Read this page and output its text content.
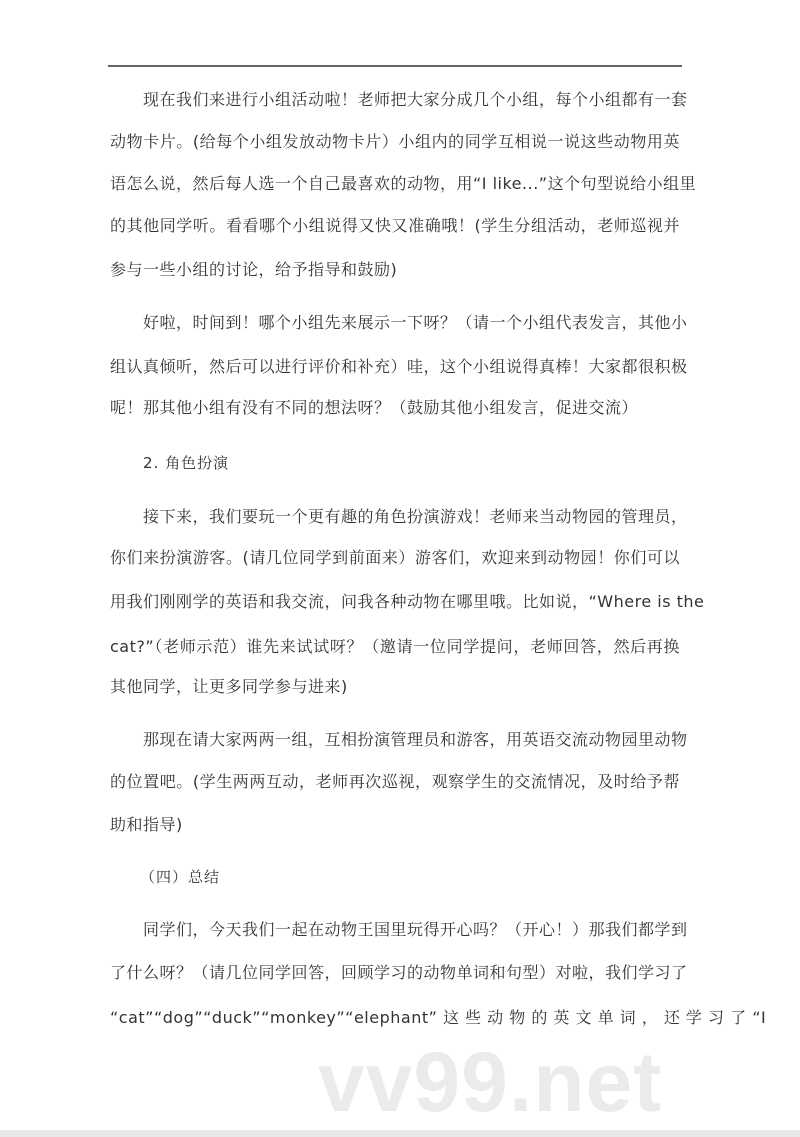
vv99.net
现在我们来进行小组活动啦！老师把大家分成几个小组，每个小组都有一套
动物卡片。(给每个小组发放动物卡片）小组内的同学互相说一说这些动物用英
语怎么说，然后每人选一个自己最喜欢的动物，用“I like...”这个句型说给小组里
的其他同学听。看看哪个小组说得又快又准确哦！(学生分组活动，老师巡视并
参与一些小组的讨论，给予指导和鼓励)
好啦，时间到！哪个小组先来展示一下呀？（请一个小组代表发言，其他小
组认真倾听，然后可以进行评价和补充）哇，这个小组说得真棒！大家都很积极
呢！那其他小组有没有不同的想法呀？（鼓励其他小组发言，促进交流）
2. 角色扮演
接下来，我们要玩一个更有趣的角色扮演游戏！老师来当动物园的管理员，
你们来扮演游客。(请几位同学到前面来）游客们，欢迎来到动物园！你们可以
用我们刚刚学的英语和我交流，问我各种动物在哪里哦。比如说，“Where is the
cat?”（老师示范）谁先来试试呀？（邀请一位同学提问，老师回答，然后再换
其他同学，让更多同学参与进来)
那现在请大家两两一组，互相扮演管理员和游客，用英语交流动物园里动物
的位置吧。(学生两两互动，老师再次巡视，观察学生的交流情况，及时给予帮
助和指导)
（四）总结
同学们，今天我们一起在动物王国里玩得开心吗？（开心！）那我们都学到
了什么呀？（请几位同学回答，回顾学习的动物单词和句型）对啦，我们学习了
“cat”“dog”“duck”“monkey”“elephant” 这 些 动 物 的 英 文 单 词 ， 还 学 习 了 “I
